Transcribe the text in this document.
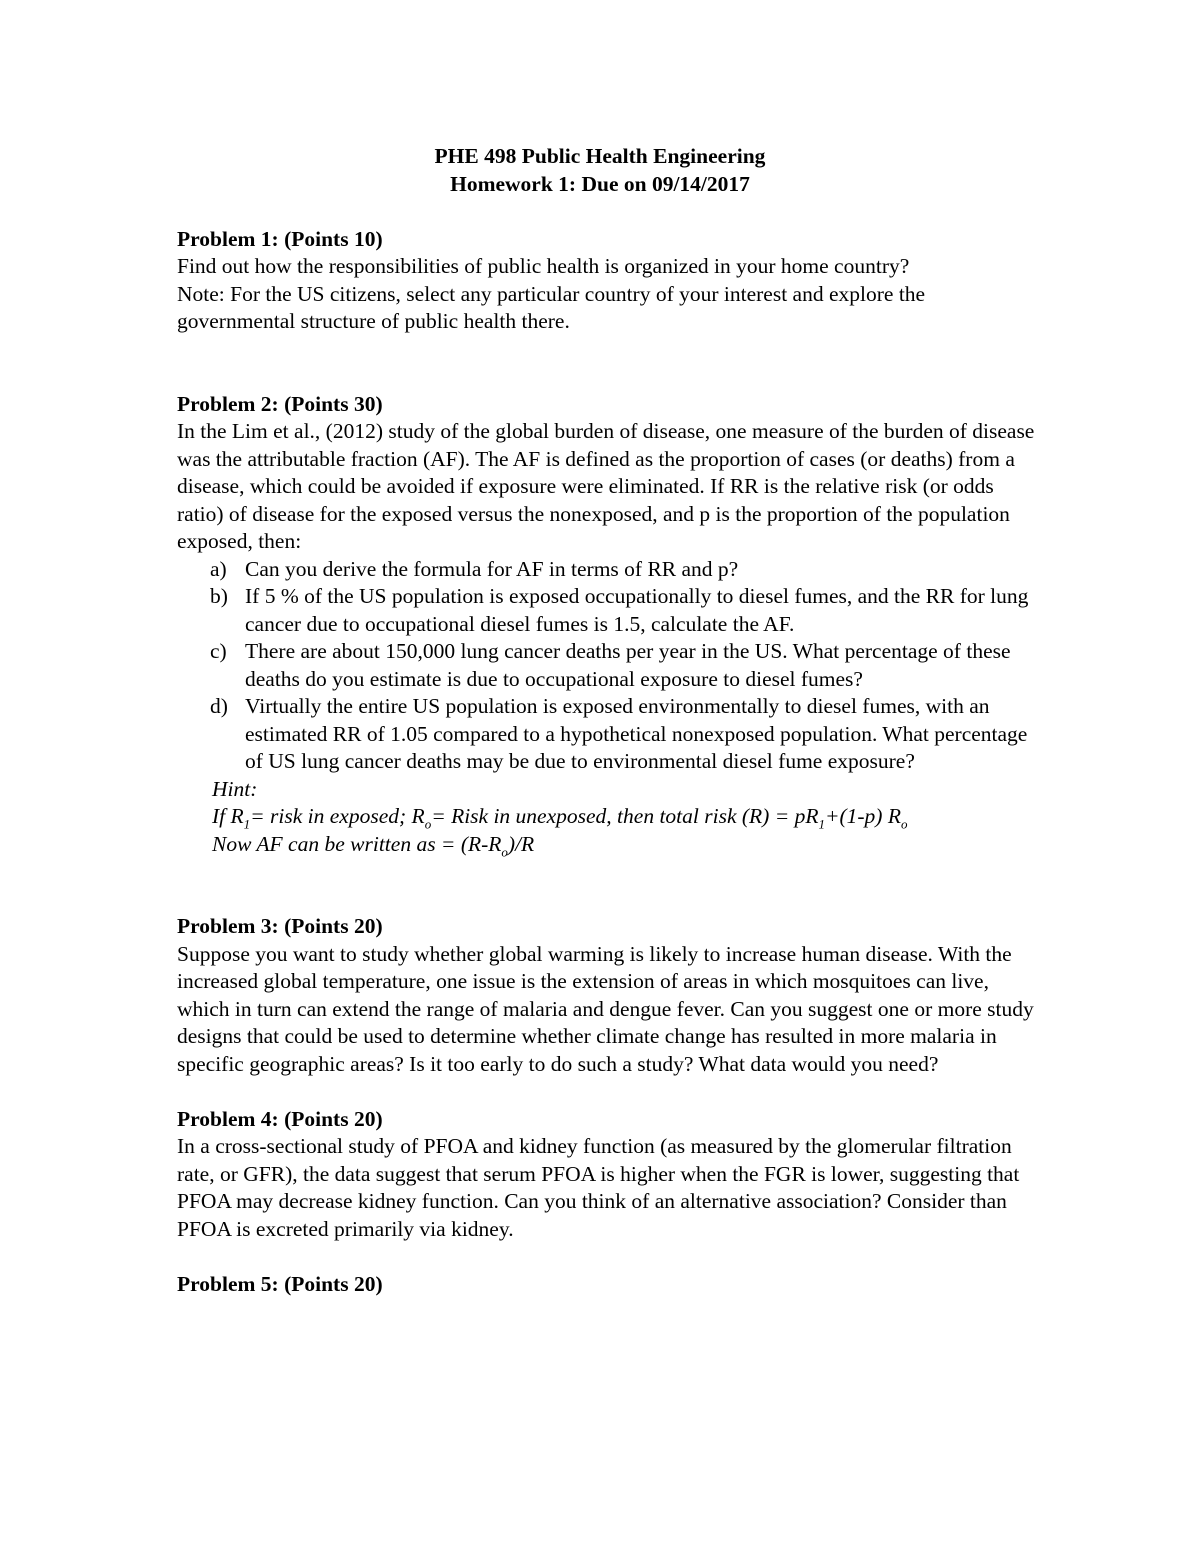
PHE 498 Public Health Engineering
Homework 1: Due on 09/14/2017
Problem 1: (Points 10)
Find out how the responsibilities of public health is organized in your home country?
Note: For the US citizens, select any particular country of your interest and explore the governmental structure of public health there.
Problem 2: (Points 30)
In the Lim et al., (2012) study of the global burden of disease, one measure of the burden of disease was the attributable fraction (AF). The AF is defined as the proportion of cases (or deaths) from a disease, which could be avoided if exposure were eliminated. If RR is the relative risk (or odds ratio) of disease for the exposed versus the nonexposed, and p is the proportion of the population exposed, then:
a) Can you derive the formula for AF in terms of RR and p?
b) If 5 % of the US population is exposed occupationally to diesel fumes, and the RR for lung cancer due to occupational diesel fumes is 1.5, calculate the AF.
c) There are about 150,000 lung cancer deaths per year in the US. What percentage of these deaths do you estimate is due to occupational exposure to diesel fumes?
d) Virtually the entire US population is exposed environmentally to diesel fumes, with an estimated RR of 1.05 compared to a hypothetical nonexposed population. What percentage of US lung cancer deaths may be due to environmental diesel fume exposure?
Hint:
If $R_1=$ risk in exposed; $R_o=$ Risk in unexposed, then total risk $(R) = pR_1+(1-p)$ $R_o$
Now AF can be written as = $(R-R_o)/R$
Problem 3: (Points 20)
Suppose you want to study whether global warming is likely to increase human disease. With the increased global temperature, one issue is the extension of areas in which mosquitoes can live, which in turn can extend the range of malaria and dengue fever. Can you suggest one or more study designs that could be used to determine whether climate change has resulted in more malaria in specific geographic areas? Is it too early to do such a study? What data would you need?
Problem 4: (Points 20)
In a cross-sectional study of PFOA and kidney function (as measured by the glomerular filtration rate, or GFR), the data suggest that serum PFOA is higher when the FGR is lower, suggesting that PFOA may decrease kidney function. Can you think of an alternative association? Consider than PFOA is excreted primarily via kidney.
Problem 5: (Points 20)
